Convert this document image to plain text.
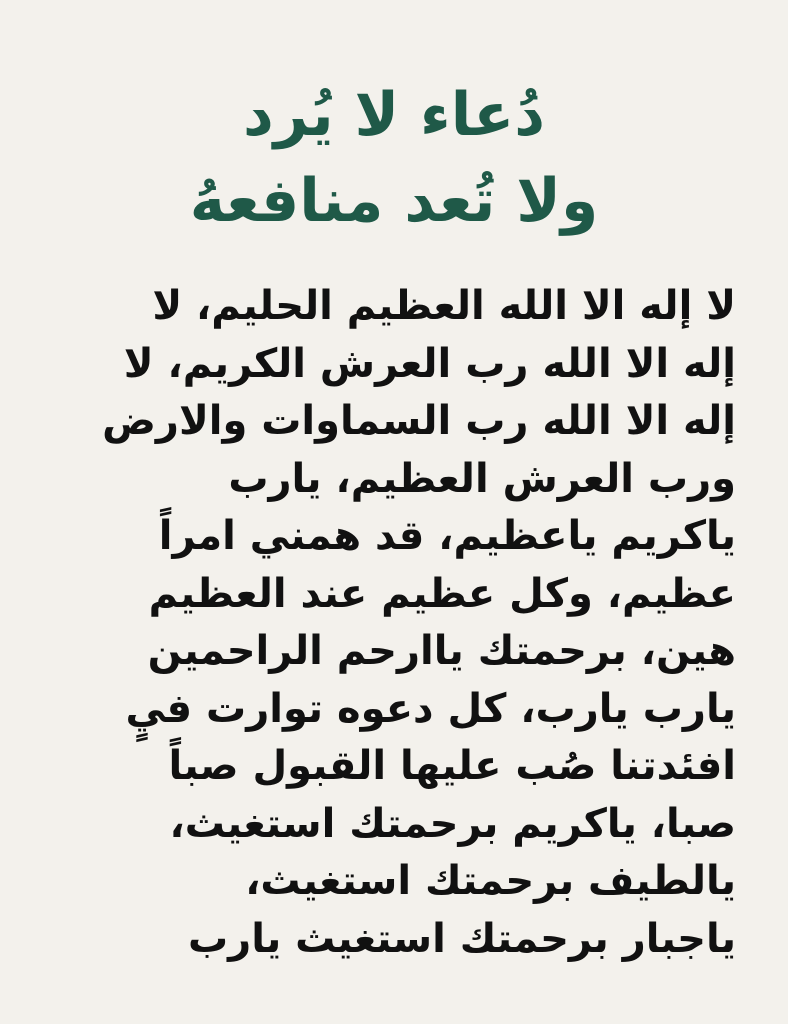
دُعاء لا يُرد
ولا تُعد منافعهُ
لا إله الا الله العظيم الحليم، لا
إله الا الله رب العرش الكريم، لا
إله الا الله رب السماوات والارض
ورب العرش العظيم، يارب
ياكريم ياعظيم، قد همني امراً
عظيم، وكل عظيم عند العظيم
هين، برحمتك ياارحم الراحمين
يارب يارب، كل دعوه توارت فيٍ
افئدتنا صُب عليها القبول صباً
صبا، ياكريم برحمتك استغيث،
يالطيف برحمتك استغيث،
ياجبار برحمتك استغيث يارب
